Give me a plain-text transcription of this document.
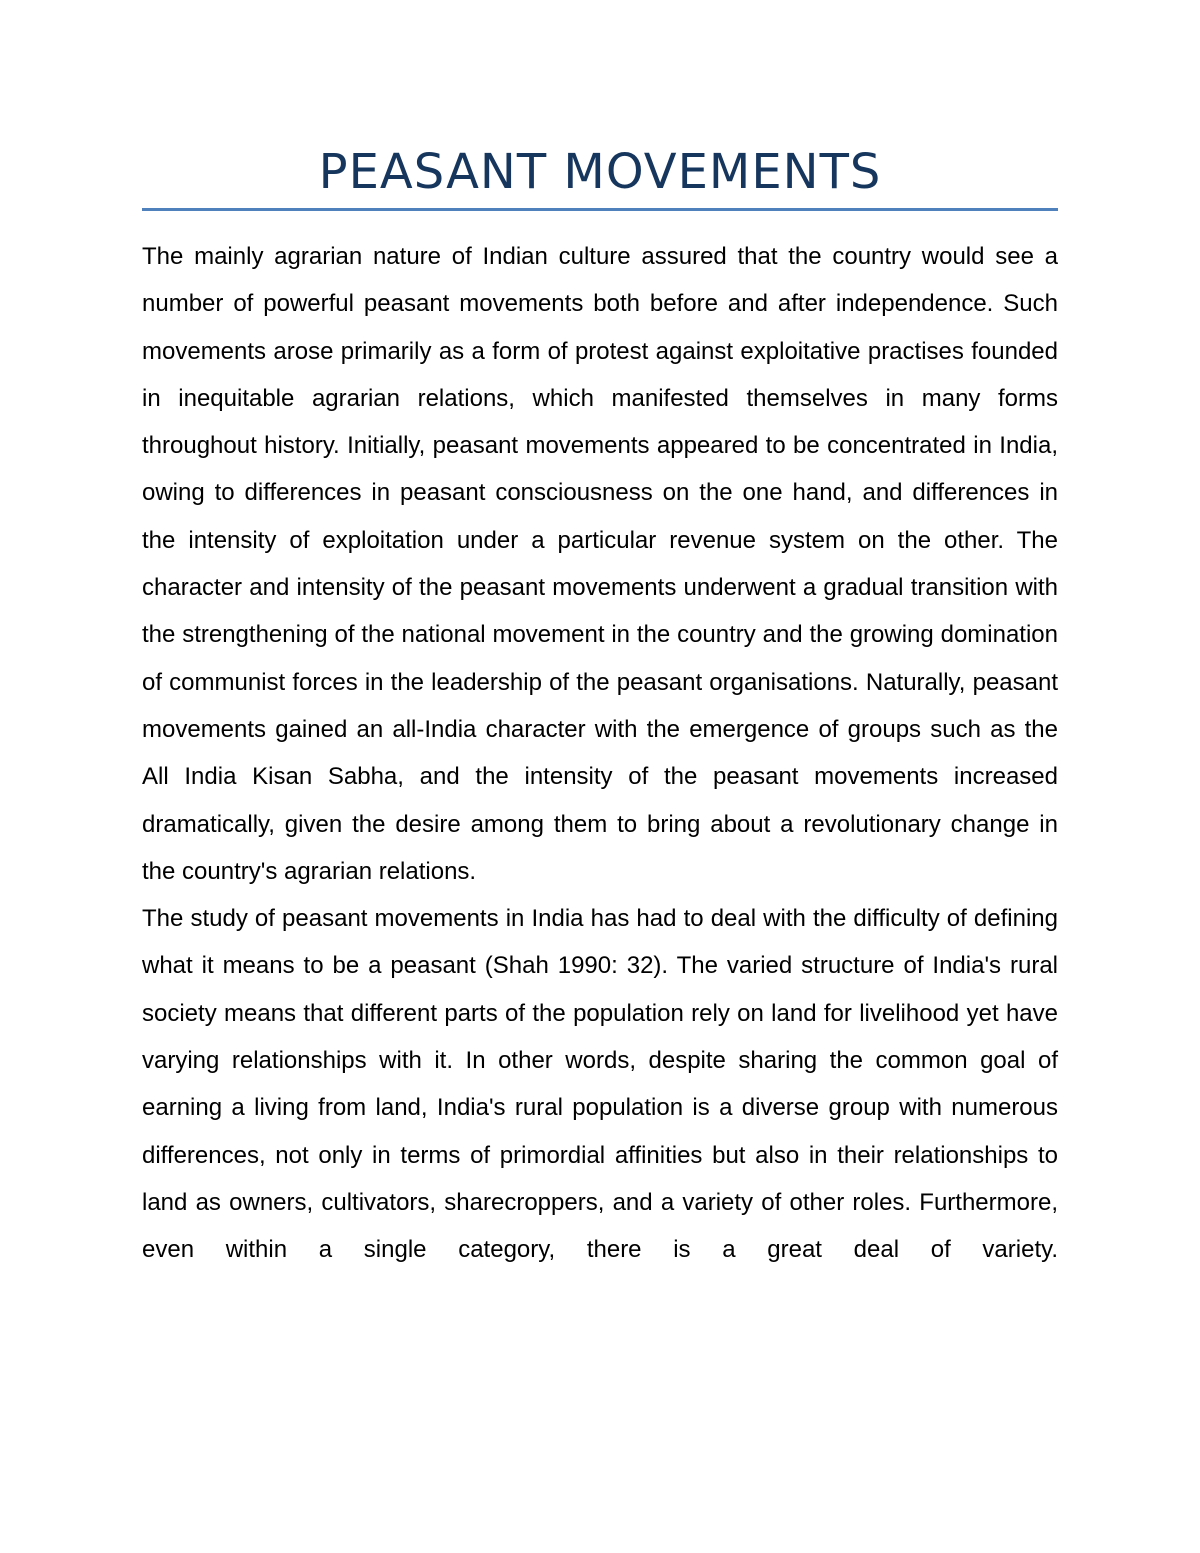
PEASANT MOVEMENTS

The mainly agrarian nature of Indian culture assured that the country would see a number of powerful peasant movements both before and after independence. Such movements arose primarily as a form of protest against exploitative practises founded in inequitable agrarian relations, which manifested themselves in many forms throughout history. Initially, peasant movements appeared to be concentrated in India, owing to differences in peasant consciousness on the one hand, and differences in the intensity of exploitation under a particular revenue system on the other. The character and intensity of the peasant movements underwent a gradual transition with the strengthening of the national movement in the country and the growing domination of communist forces in the leadership of the peasant organisations. Naturally, peasant movements gained an all-India character with the emergence of groups such as the All India Kisan Sabha, and the intensity of the peasant movements increased dramatically, given the desire among them to bring about a revolutionary change in the country's agrarian relations.

The study of peasant movements in India has had to deal with the difficulty of defining what it means to be a peasant (Shah 1990: 32). The varied structure of India's rural society means that different parts of the population rely on land for livelihood yet have varying relationships with it. In other words, despite sharing the common goal of earning a living from land, India's rural population is a diverse group with numerous differences, not only in terms of primordial affinities but also in their relationships to land as owners, cultivators, sharecroppers, and a variety of other roles. Furthermore, even within a single category, there is a great deal of variety.
